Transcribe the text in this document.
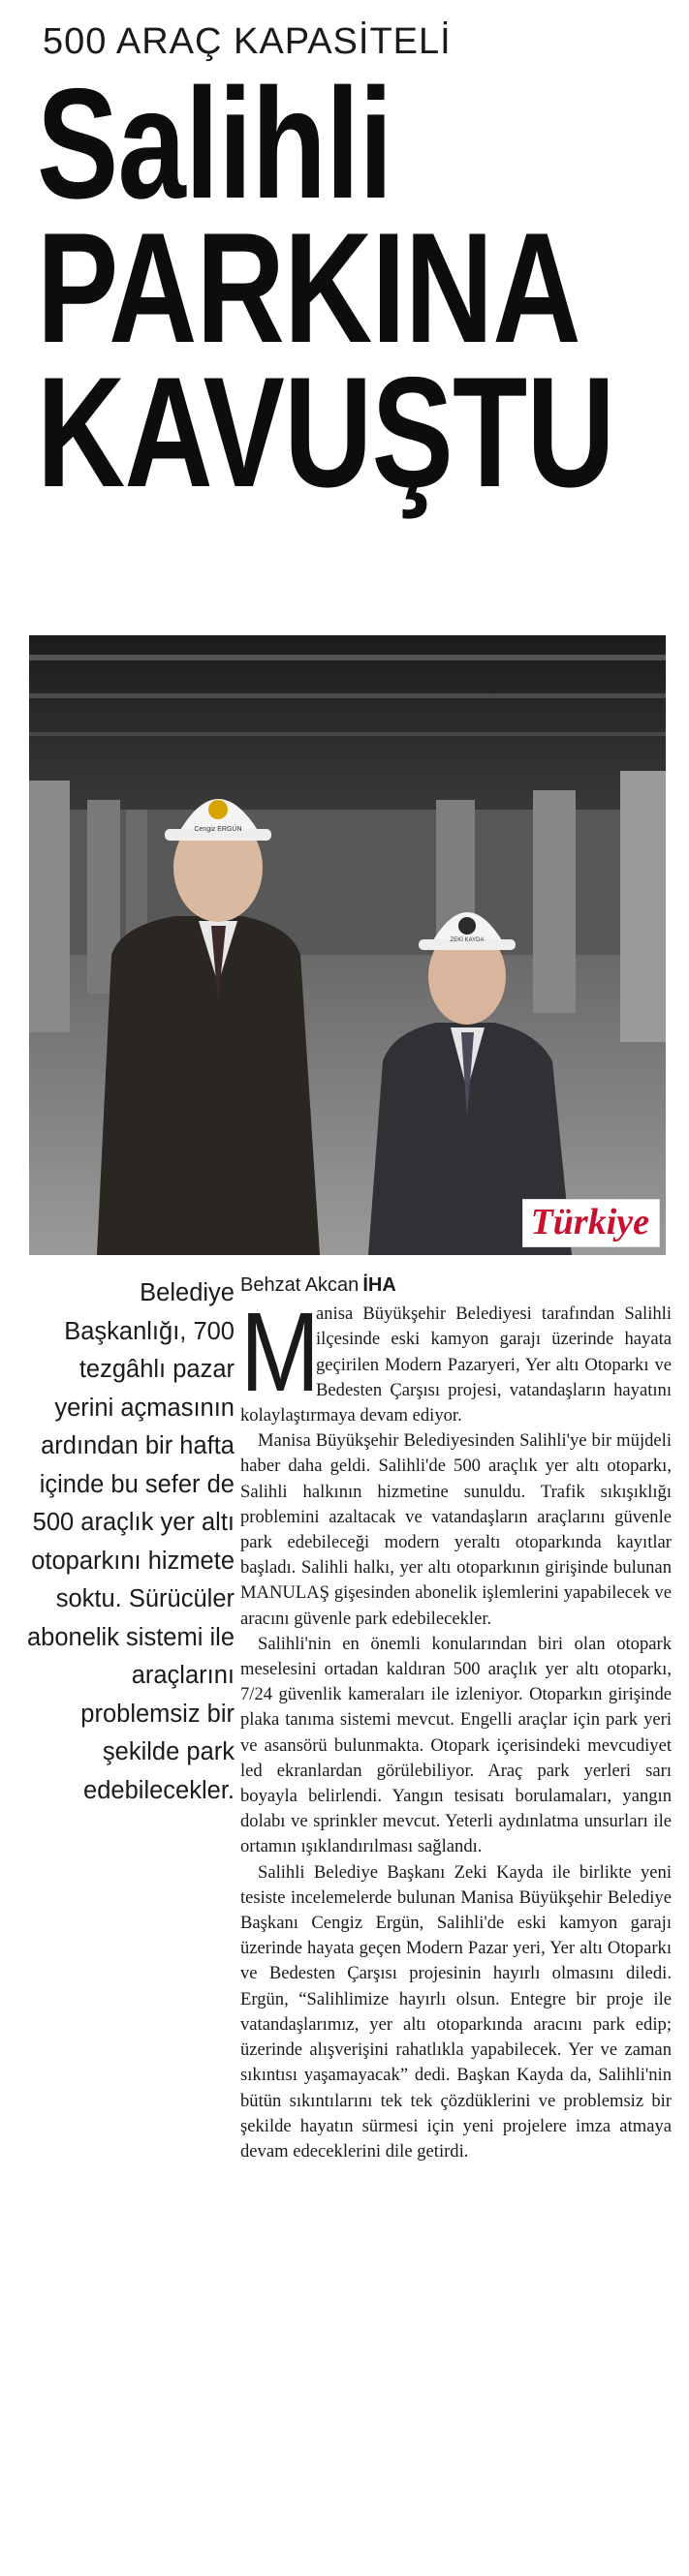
500 ARAÇ KAPASİTELİ
Salihli
PARKINA
KAVUŞTU
Cengiz ERGÜN
ZEKİ KAYDA
Türkiye
Belediye Başkanlığı, 700 tezgâhlı pazar yerini açmasının ardından bir hafta içinde bu sefer de 500 araçlık yer altı otoparkını hizmete soktu. Sürücüler abonelik sistemi ile araçlarını problemsiz bir şekilde park edebilecekler.
Behzat Akcan İHA

M
anisa Büyükşehir Belediyesi tarafından Salihli ilçesinde eski kamyon garajı üzerinde hayata geçirilen Modern Pazaryeri, Yer altı Otoparkı ve Bedesten Çarşısı projesi, vatandaşların hayatını kolaylaştırmaya devam ediyor.

Manisa Büyükşehir Belediyesinden Salihli'ye bir müjdeli haber daha geldi. Salihli'de 500 araçlık yer altı otoparkı, Salihli halkının hizmetine sunuldu. Trafik sıkışıklığı problemini azaltacak ve vatandaşların araçlarını güvenle park edebileceği modern yeraltı otoparkında kayıtlar başladı. Salihli halkı, yer altı otoparkının girişinde bulunan MANULAŞ gişesinden abonelik işlemlerini yapabilecek ve aracını güvenle park edebilecekler.

Salihli'nin en önemli konularından biri olan otopark meselesini ortadan kaldıran 500 araçlık yer altı otoparkı, 7/24 güvenlik kameraları ile izleniyor. Otoparkın girişinde plaka tanıma sistemi mevcut. Engelli araçlar için park yeri ve asansörü bulunmakta. Otopark içerisindeki mevcudiyet led ekranlardan görülebiliyor. Araç park yerleri sarı boyayla belirlendi. Yangın tesisatı borulamaları, yangın dolabı ve sprinkler mevcut. Yeterli aydınlatma unsurları ile ortamın ışıklandırılması sağlandı.

Salihli Belediye Başkanı Zeki Kayda ile birlikte yeni tesiste incelemelerde bulunan Manisa Büyükşehir Belediye Başkanı Cengiz Ergün, Salihli'de eski kamyon garajı üzerinde hayata geçen Modern Pazar yeri, Yer altı Otoparkı ve Bedesten Çarşısı projesinin hayırlı olmasını diledi. Ergün, “Salihlimize hayırlı olsun. Entegre bir proje ile vatandaşlarımız, yer altı otoparkında aracını park edip; üzerinde alışverişini rahatlıkla yapabilecek. Yer ve zaman sıkıntısı yaşamayacak” dedi. Başkan Kayda da, Salihli'nin bütün sıkıntılarını tek tek çözdüklerini ve problemsiz bir şekilde hayatın sürmesi için yeni projelere imza atmaya devam edeceklerini dile getirdi.
